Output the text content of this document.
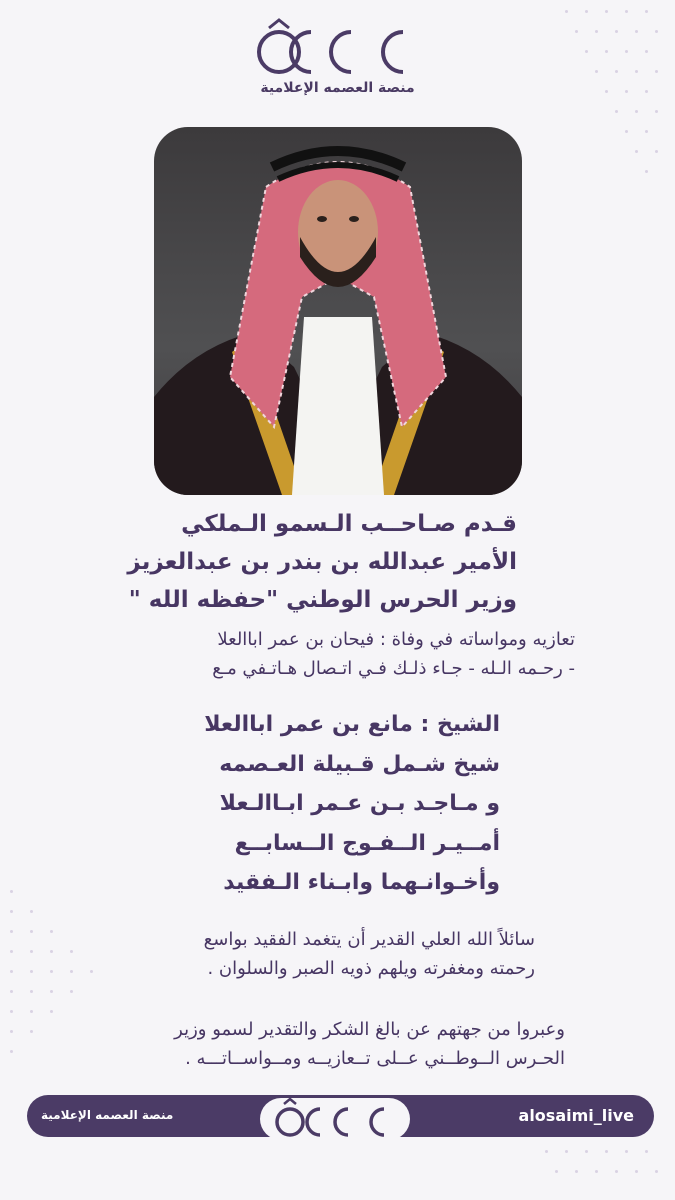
منصة العصمه الإعلامية
قـدم صـاحــب الـسمو الـملكي
الأمير عبدالله بن بندر بن عبدالعزيز
وزير الحرس الوطني "حفظه الله "
تعازيه ومواساته في وفاة : فيحان بن عمر اباالعلا
- رحـمه الـله - جـاء ذلـك فـي اتـصال هـاتـفي مـع
الشيخ : مانع بن عمر اباالعلا
شيخ شـمل قـبيلة العـصمه
و مـاجـد بـن عـمر ابـاالـعلا
أمــيـر الــفـوج الــسابــع
وأخـوانـهما وابـناء الـفقيد
سائلاً الله العلي القدير أن يتغمد الفقيد بواسع
رحمته ومغفرته ويلهم ذويه الصبر والسلوان .
وعبروا من جهتهم عن بالغ الشكر والتقدير لسمو وزير
الحـرس الــوطــني عــلى تــعازيــه ومــواســاتـــه .
alosaimi_live
منصة العصمه الإعلامية
